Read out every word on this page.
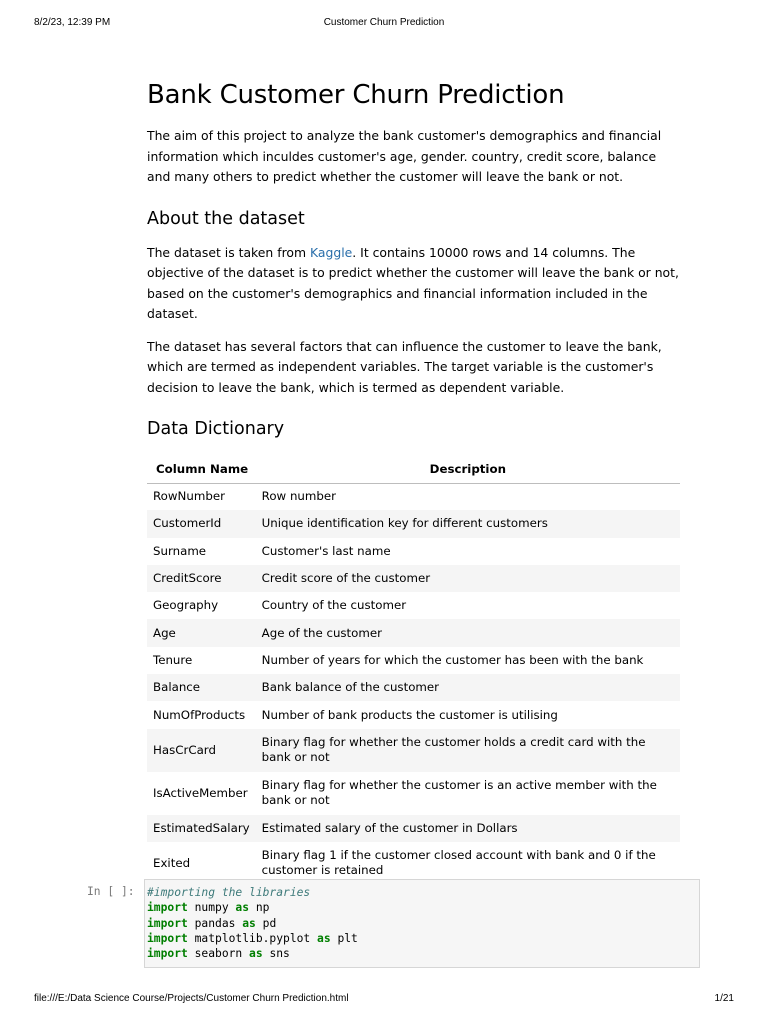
8/2/23, 12:39 PM	Customer Churn Prediction
Bank Customer Churn Prediction

The aim of this project to analyze the bank customer's demographics and financial information which inculdes customer's age, gender. country, credit score, balance and many others to predict whether the customer will leave the bank or not.

About the dataset

The dataset is taken from Kaggle. It contains 10000 rows and 14 columns. The objective of the dataset is to predict whether the customer will leave the bank or not, based on the customer's demographics and financial information included in the dataset.

The dataset has several factors that can influence the customer to leave the bank, which are termed as independent variables. The target variable is the customer's decision to leave the bank, which is termed as dependent variable.

Data Dictionary
Column Name	Description
RowNumber	Row number
CustomerId	Unique identification key for different customers
Surname	Customer's last name
CreditScore	Credit score of the customer
Geography	Country of the customer
Age	Age of the customer
Tenure	Number of years for which the customer has been with the bank
Balance	Bank balance of the customer
NumOfProducts	Number of bank products the customer is utilising
HasCrCard	Binary flag for whether the customer holds a credit card with the bank or not
IsActiveMember	Binary flag for whether the customer is an active member with the bank or not
EstimatedSalary	Estimated salary of the customer in Dollars
Exited	Binary flag 1 if the customer closed account with bank and 0 if the customer is retained
In [ ]:	#importing the libraries
import numpy as np
import pandas as pd
import matplotlib.pyplot as plt
import seaborn as sns
file:///E:/Data Science Course/Projects/Customer Churn Prediction.html	1/21
